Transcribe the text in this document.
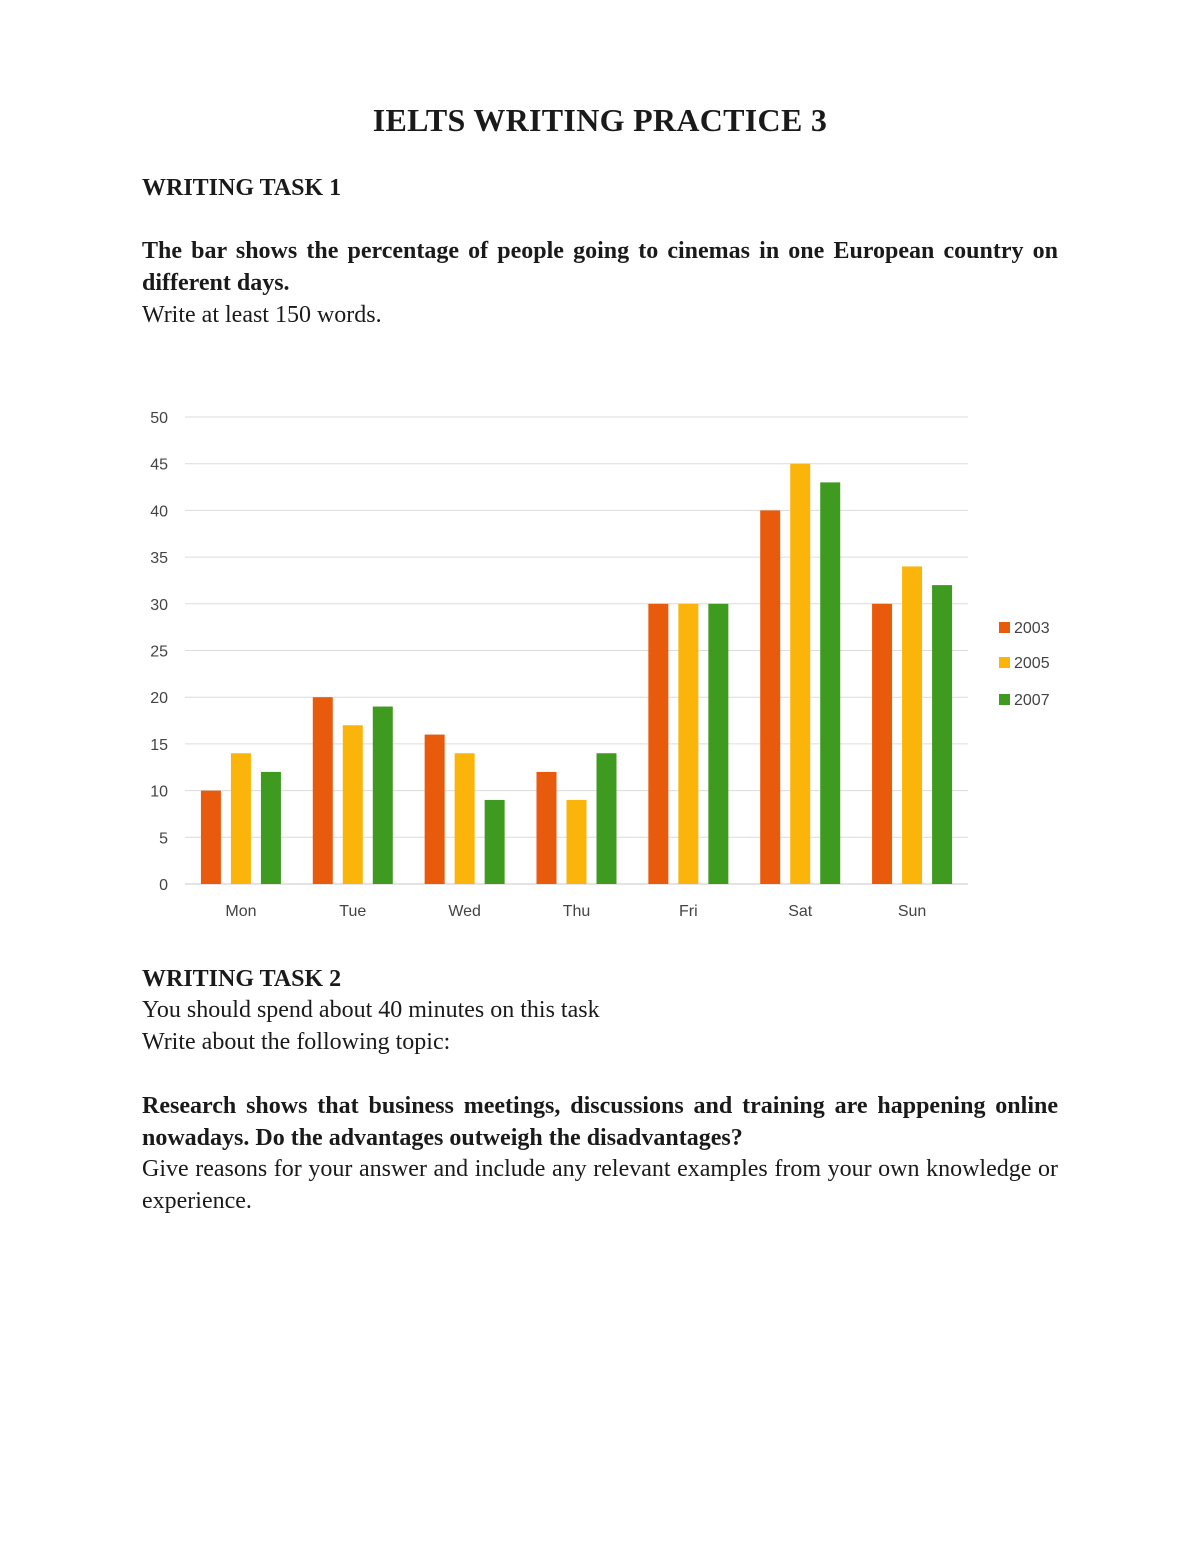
IELTS WRITING PRACTICE 3

WRITING TASK 1

The bar shows the percentage of people going to cinemas in one European country on different days.

Write at least 150 words.

0
5
10
15
20
25
30
35
40
45
50
Mon	Tue	Wed	Thu	Fri	Sat	Sun
2003
2005
2007

WRITING TASK 2

You should spend about 40 minutes on this task

Write about the following topic:

Research shows that business meetings, discussions and training are happening online nowadays. Do the advantages outweigh the disadvantages?

Give reasons for your answer and include any relevant examples from your own knowledge or experience.
